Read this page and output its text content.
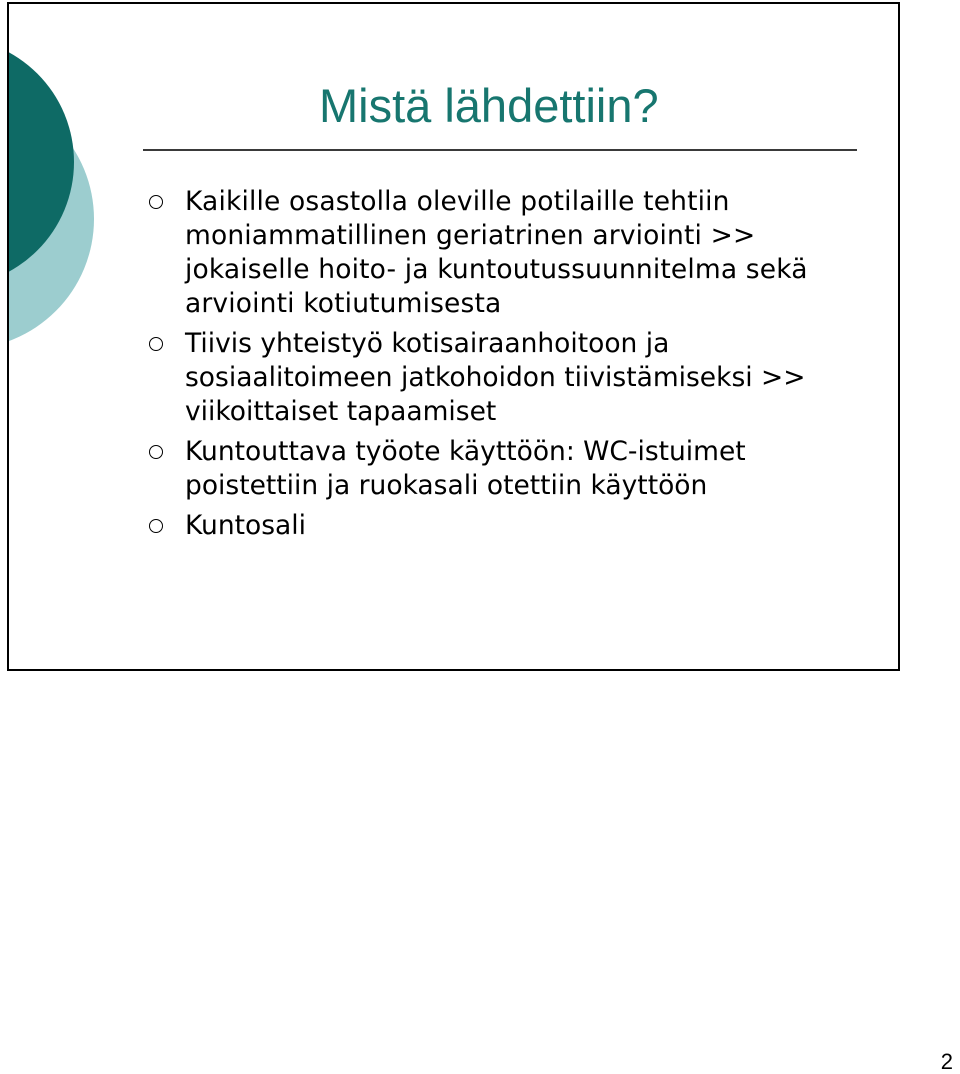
Mistä lähdettiin?
Kaikille osastolla oleville potilaille tehtiin moniammatillinen geriatrinen arviointi >> jokaiselle hoito- ja kuntoutussuunnitelma sekä arviointi kotiutumisesta
Tiivis yhteistyö kotisairaanhoitoon ja sosiaalitoimeen jatkohoidon tiivistämiseksi >> viikoittaiset tapaamiset
Kuntouttava työote käyttöön: WC-istuimet poistettiin ja ruokasali otettiin käyttöön
Kuntosali
2
